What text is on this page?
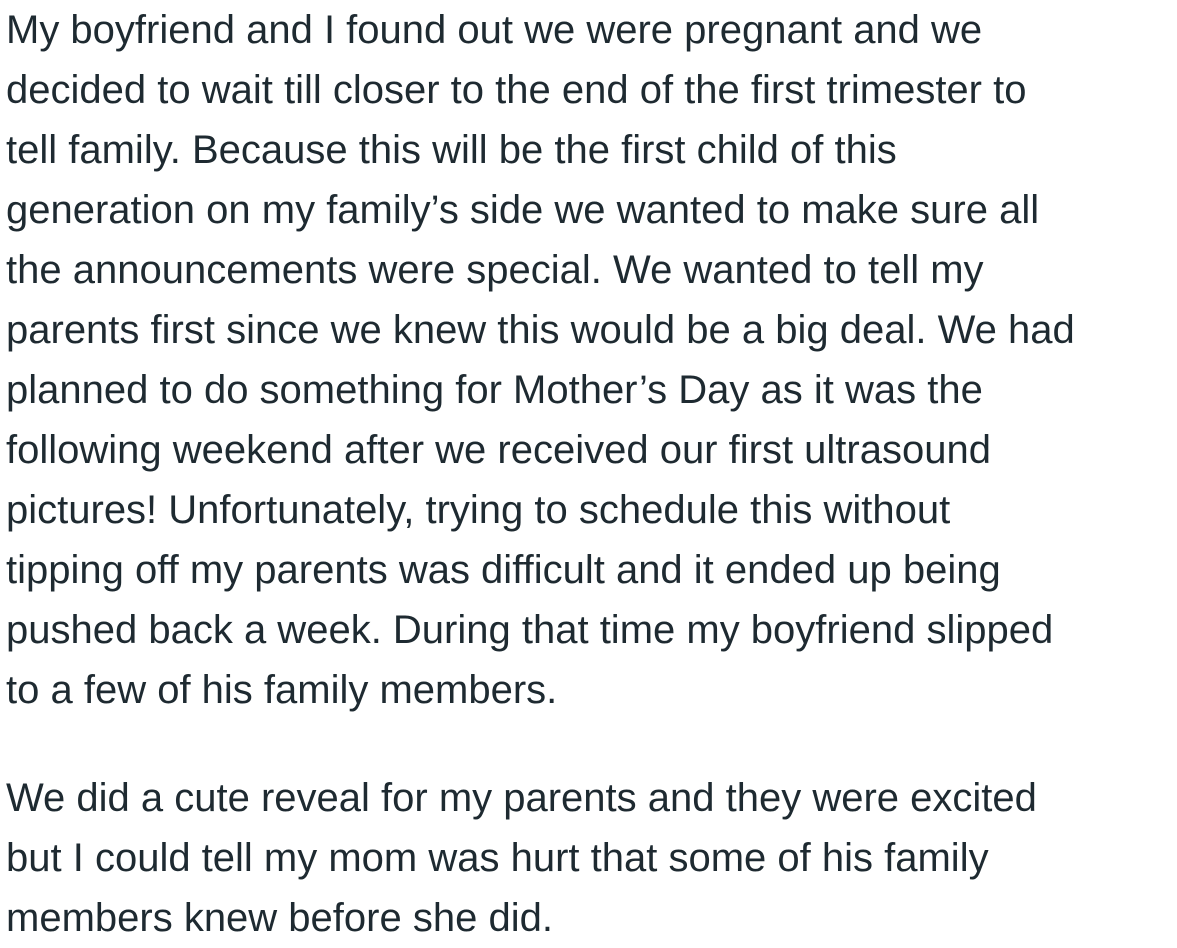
My boyfriend and I found out we were pregnant and we
decided to wait till closer to the end of the first trimester to
tell family. Because this will be the first child of this
generation on my family’s side we wanted to make sure all
the announcements were special. We wanted to tell my
parents first since we knew this would be a big deal. We had
planned to do something for Mother’s Day as it was the
following weekend after we received our first ultrasound
pictures! Unfortunately, trying to schedule this without
tipping off my parents was difficult and it ended up being
pushed back a week. During that time my boyfriend slipped
to a few of his family members.
We did a cute reveal for my parents and they were excited
but I could tell my mom was hurt that some of his family
members knew before she did.
